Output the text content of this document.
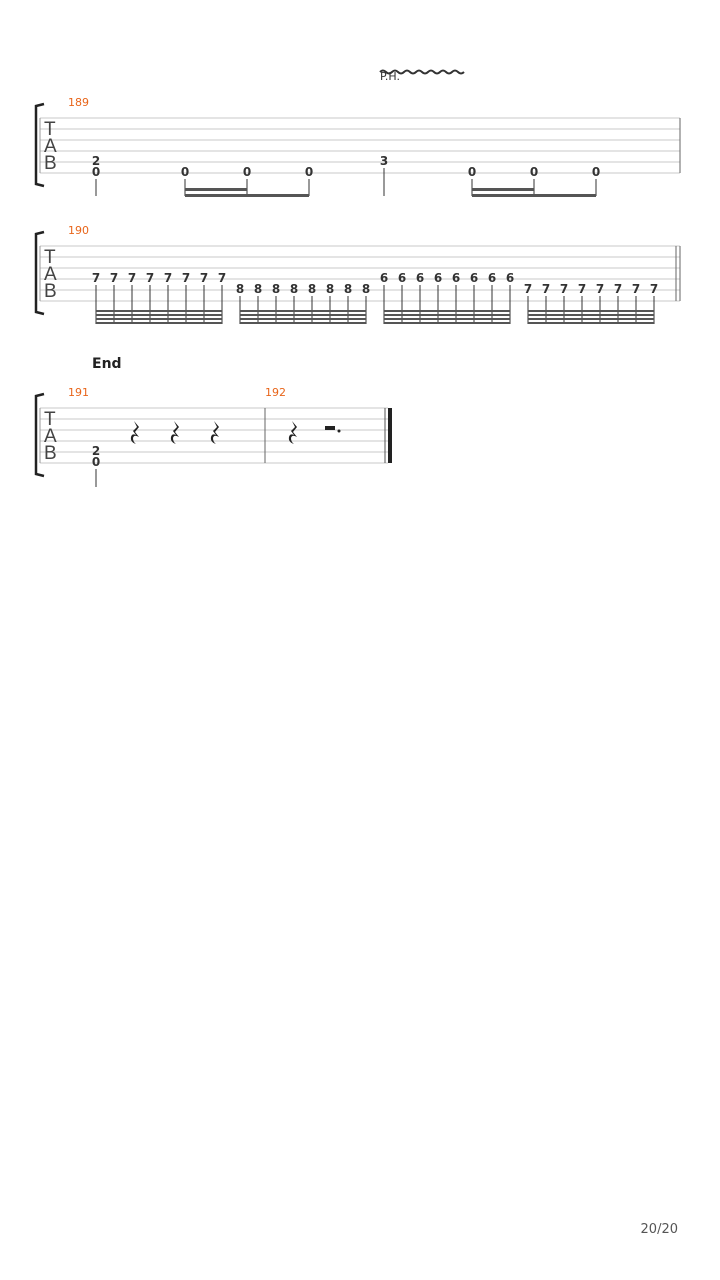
P.H.
T
A
B
189
2
0	0	0	0
3
0	0	0
T
A
B
190
7 7 7 7 7 7 7 7
8 8 8 8 8 8 8 8
6 6 6 6 6 6 6 6
7 7 7 7 7 7 7 7
End
T
A
B
191	192
2
0
20/20
